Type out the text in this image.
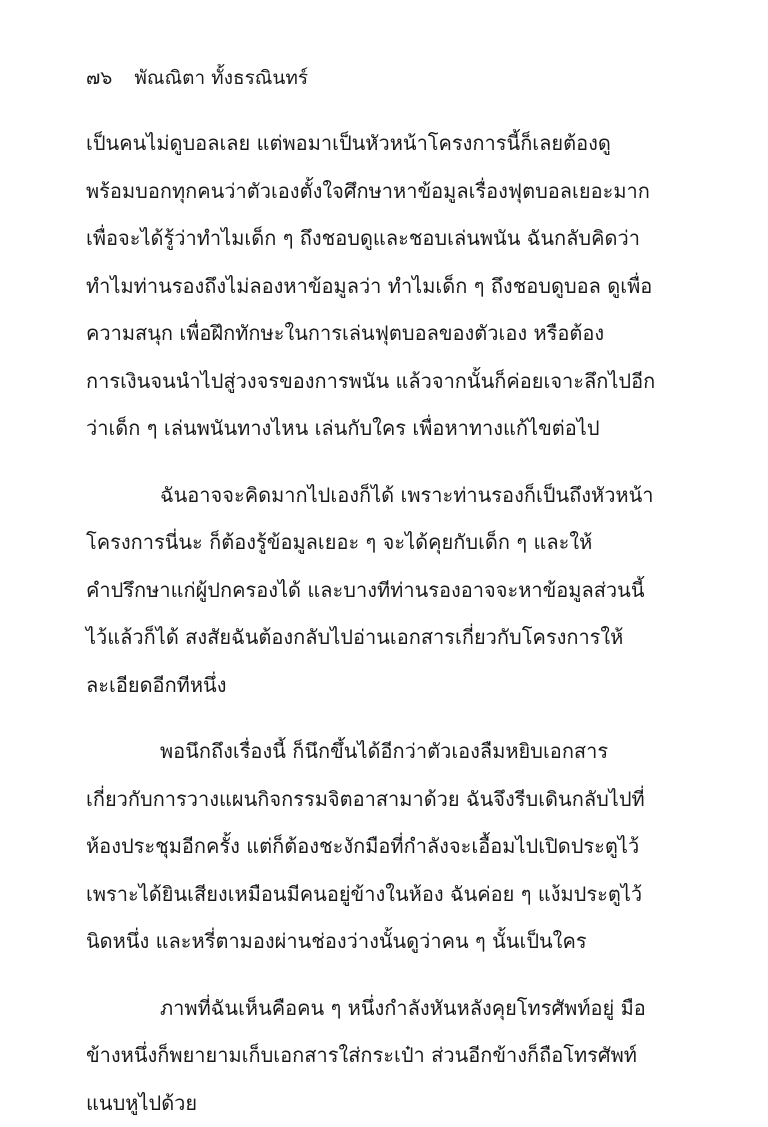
๗๖ พัณณิตา ทั้งธรณินทร์
เป็นคนไม่ดูบอลเลย แต่พอมาเป็นหัวหน้าโครงการนี้ก็เลยต้องดู
พร้อมบอกทุกคนว่าตัวเองตั้งใจศึกษาหาข้อมูลเรื่องฟุตบอลเยอะมาก
เพื่อจะได้รู้ว่าทำไมเด็ก ๆ ถึงชอบดูและชอบเล่นพนัน ฉันกลับคิดว่า
ทำไมท่านรองถึงไม่ลองหาข้อมูลว่า ทำไมเด็ก ๆ ถึงชอบดูบอล ดูเพื่อ
ความสนุก เพื่อฝึกทักษะในการเล่นฟุตบอลของตัวเอง หรือต้อง
การเงินจนนำไปสู่วงจรของการพนัน แล้วจากนั้นก็ค่อยเจาะลึกไปอีก
ว่าเด็ก ๆ เล่นพนันทางไหน เล่นกับใคร เพื่อหาทางแก้ไขต่อไป
ฉันอาจจะคิดมากไปเองก็ได้ เพราะท่านรองก็เป็นถึงหัวหน้า
โครงการนี่นะ ก็ต้องรู้ข้อมูลเยอะ ๆ จะได้คุยกับเด็ก ๆ และให้
คำปรึกษาแก่ผู้ปกครองได้ และบางทีท่านรองอาจจะหาข้อมูลส่วนนี้
ไว้แล้วก็ได้ สงสัยฉันต้องกลับไปอ่านเอกสารเกี่ยวกับโครงการให้
ละเอียดอีกทีหนึ่ง
พอนึกถึงเรื่องนี้ ก็นึกขึ้นได้อีกว่าตัวเองลืมหยิบเอกสาร
เกี่ยวกับการวางแผนกิจกรรมจิตอาสามาด้วย ฉันจึงรีบเดินกลับไปที่
ห้องประชุมอีกครั้ง แต่ก็ต้องชะงักมือที่กำลังจะเอื้อมไปเปิดประตูไว้
เพราะได้ยินเสียงเหมือนมีคนอยู่ข้างในห้อง ฉันค่อย ๆ แง้มประตูไว้
นิดหนึ่ง และหรี่ตามองผ่านช่องว่างนั้นดูว่าคน ๆ นั้นเป็นใคร
ภาพที่ฉันเห็นคือคน ๆ หนึ่งกำลังหันหลังคุยโทรศัพท์อยู่ มือ
ข้างหนึ่งก็พยายามเก็บเอกสารใส่กระเป๋า ส่วนอีกข้างก็ถือโทรศัพท์
แนบหูไปด้วย
